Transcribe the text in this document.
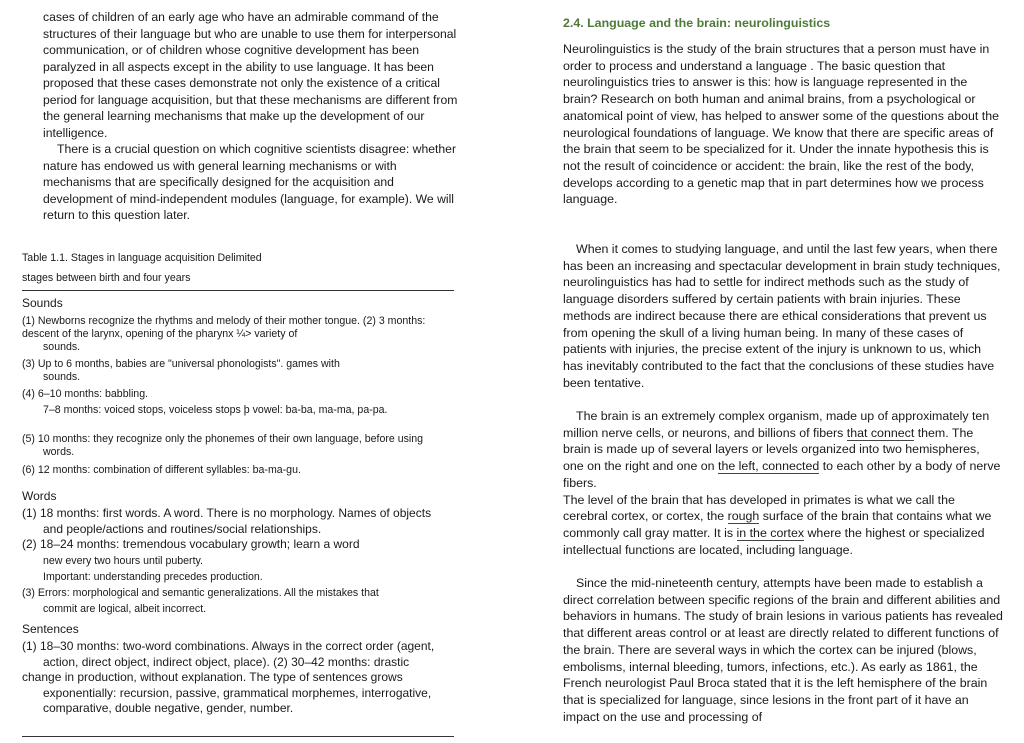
cases of children of an early age who have an admirable command of the structures of their language but who are unable to use them for interpersonal communication, or of children whose cognitive development has been paralyzed in all aspects except in the ability to use language. It has been proposed that these cases demonstrate not only the existence of a critical period for language acquisition, but that these mechanisms are different from the general learning mechanisms that make up the development of our intelligence.

There is a crucial question on which cognitive scientists disagree: whether nature has endowed us with general learning mechanisms or with mechanisms that are specifically designed for the acquisition and development of mind-independent modules (language, for example). We will return to this question later.

Table 1.1. Stages in language acquisition Delimited
stages between birth and four years

Sounds

(1) Newborns recognize the rhythms and melody of their mother tongue. (2) 3 months:

descent of the larynx, opening of the pharynx ¼> variety of

sounds.

(3) Up to 6 months, babies are "universal phonologists". games with

sounds.

(4) 6–10 months: babbling.

7–8 months: voiced stops, voiceless stops þ vowel: ba-ba, ma-ma, pa-pa.

(5) 10 months: they recognize only the phonemes of their own language, before using

words.

(6) 12 months: combination of different syllables: ba-ma-gu.

Words

(1) 18 months: first words. A word. There is no morphology. Names of objects

and people/actions and routines/social relationships.

(2) 18–24 months: tremendous vocabulary growth; learn a word

new every two hours until puberty.

Important: understanding precedes production.

(3) Errors: morphological and semantic generalizations. All the mistakes that

commit are logical, albeit incorrect.

Sentences

(1) 18–30 months: two-word combinations. Always in the correct order (agent,

action, direct object, indirect object, place). (2) 30–42 months: drastic

change in production, without explanation. The type of sentences grows

exponentially: recursion, passive, grammatical morphemes, interrogative,

comparative, double negative, gender, number.

2.4. Language and the brain: neurolinguistics

Neurolinguistics is the study of the brain structures that a person must have in order to process and understand a language . The basic question that neurolinguistics tries to answer is this: how is language represented in the brain? Research on both human and animal brains, from a psychological or anatomical point of view, has helped to answer some of the questions about the neurological foundations of language. We know that there are specific areas of the brain that seem to be specialized for it. Under the innate hypothesis this is not the result of coincidence or accident: the brain, like the rest of the body, develops according to a genetic map that in part determines how we process language.

When it comes to studying language, and until the last few years, when there has been an increasing and spectacular development in brain study techniques, neurolinguistics has had to settle for indirect methods such as the study of language disorders suffered by certain patients with brain injuries. These methods are indirect because there are ethical considerations that prevent us from opening the skull of a living human being. In many of these cases of patients with injuries, the precise extent of the injury is unknown to us, which has inevitably contributed to the fact that the conclusions of these studies have been tentative.

The brain is an extremely complex organism, made up of approximately ten million nerve cells, or neurons, and billions of fibers that connect them. The brain is made up of several layers or levels organized into two hemispheres, one on the right and one on the left, connected to each other by a body of nerve fibers.
The level of the brain that has developed in primates is what we call the cerebral cortex, or cortex, the rough surface of the brain that contains what we commonly call gray matter. It is in the cortex where the highest or specialized intellectual functions are located, including language.

Since the mid-nineteenth century, attempts have been made to establish a direct correlation between specific regions of the brain and different abilities and behaviors in humans. The study of brain lesions in various patients has revealed that different areas control or at least are directly related to different functions of the brain. There are several ways in which the cortex can be injured (blows, embolisms, internal bleeding, tumors, infections, etc.). As early as 1861, the French neurologist Paul Broca stated that it is the left hemisphere of the brain that is specialized for language, since lesions in the front part of it have an impact on the use and processing of
